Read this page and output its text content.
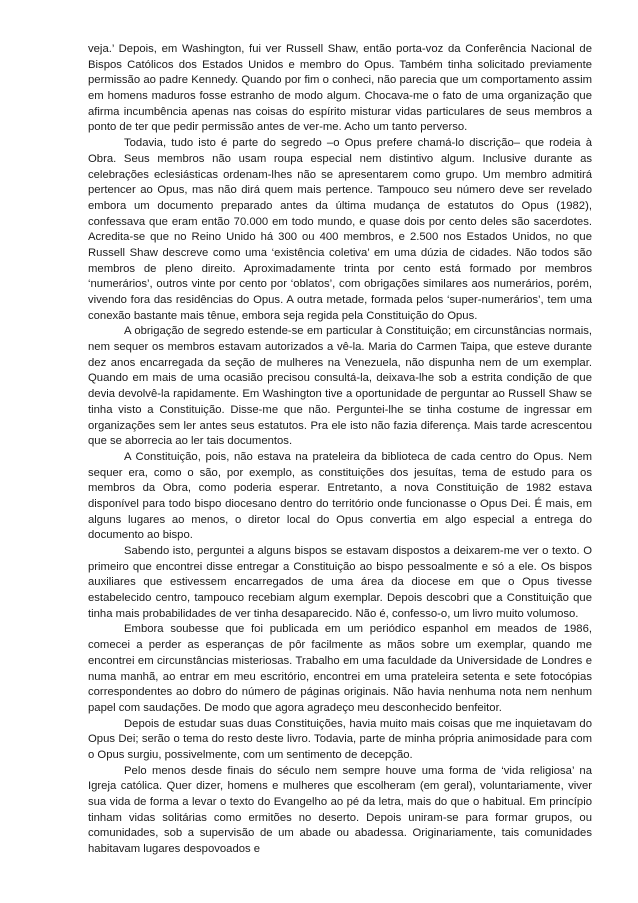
veja.’ Depois, em Washington, fui ver Russell Shaw, então porta-voz da Conferência Nacional de Bispos Católicos dos Estados Unidos e membro do Opus. Também tinha solicitado previamente permissão ao padre Kennedy. Quando por fim o conheci, não parecia que um comportamento assim em homens maduros fosse estranho de modo algum. Chocava-me o fato de uma organização que afirma incumbência apenas nas coisas do espírito misturar vidas particulares de seus membros a ponto de ter que pedir permissão antes de ver-me. Acho um tanto perverso.

Todavia, tudo isto é parte do segredo –o Opus prefere chamá-lo discrição– que rodeia à Obra. Seus membros não usam roupa especial nem distintivo algum. Inclusive durante as celebrações eclesiásticas ordenam-lhes não se apresentarem como grupo. Um membro admitirá pertencer ao Opus, mas não dirá quem mais pertence. Tampouco seu número deve ser revelado embora um documento preparado antes da última mudança de estatutos do Opus (1982), confessava que eram então 70.000 em todo mundo, e quase dois por cento deles são sacerdotes. Acredita-se que no Reino Unido há 300 ou 400 membros, e 2.500 nos Estados Unidos, no que Russell Shaw descreve como uma ‘existência coletiva’ em uma dúzia de cidades. Não todos são membros de pleno direito. Aproximadamente trinta por cento está formado por membros ‘numerários’, outros vinte por cento por ‘oblatos’, com obrigações similares aos numerários, porém, vivendo fora das residências do Opus. A outra metade, formada pelos ‘super-numerários’, tem uma conexão bastante mais tênue, embora seja regida pela Constituição do Opus.

A obrigação de segredo estende-se em particular à Constituição; em circunstâncias normais, nem sequer os membros estavam autorizados a vê-la. Maria do Carmen Taipa, que esteve durante dez anos encarregada da seção de mulheres na Venezuela, não dispunha nem de um exemplar. Quando em mais de uma ocasião precisou consultá-la, deixava-lhe sob a estrita condição de que devia devolvê-la rapidamente. Em Washington tive a oportunidade de perguntar ao Russell Shaw se tinha visto a Constituição. Disse-me que não. Perguntei-lhe se tinha costume de ingressar em organizações sem ler antes seus estatutos. Pra ele isto não fazia diferença. Mais tarde acrescentou que se aborrecia ao ler tais documentos.

A Constituição, pois, não estava na prateleira da biblioteca de cada centro do Opus. Nem sequer era, como o são, por exemplo, as constituições dos jesuítas, tema de estudo para os membros da Obra, como poderia esperar. Entretanto, a nova Constituição de 1982 estava disponível para todo bispo diocesano dentro do território onde funcionasse o Opus Dei. É mais, em alguns lugares ao menos, o diretor local do Opus convertia em algo especial a entrega do documento ao bispo.

Sabendo isto, perguntei a alguns bispos se estavam dispostos a deixarem-me ver o texto. O primeiro que encontrei disse entregar a Constituição ao bispo pessoalmente e só a ele. Os bispos auxiliares que estivessem encarregados de uma área da diocese em que o Opus tivesse estabelecido centro, tampouco recebiam algum exemplar. Depois descobri que a Constituição que tinha mais probabilidades de ver tinha desaparecido. Não é, confesso-o, um livro muito volumoso.

Embora soubesse que foi publicada em um periódico espanhol em meados de 1986, comecei a perder as esperanças de pôr facilmente as mãos sobre um exemplar, quando me encontrei em circunstâncias misteriosas. Trabalho em uma faculdade da Universidade de Londres e numa manhã, ao entrar em meu escritório, encontrei em uma prateleira setenta e sete fotocópias correspondentes ao dobro do número de páginas originais. Não havia nenhuma nota nem nenhum papel com saudações. De modo que agora agradeço meu desconhecido benfeitor.

Depois de estudar suas duas Constituições, havia muito mais coisas que me inquietavam do Opus Dei; serão o tema do resto deste livro. Todavia, parte de minha própria animosidade para com o Opus surgiu, possivelmente, com um sentimento de decepção.

Pelo menos desde finais do século nem sempre houve uma forma de ‘vida religiosa’ na Igreja católica. Quer dizer, homens e mulheres que escolheram (em geral), voluntariamente, viver sua vida de forma a levar o texto do Evangelho ao pé da letra, mais do que o habitual. Em princípio tinham vidas solitárias como ermitões no deserto. Depois uniram-se para formar grupos, ou comunidades, sob a supervisão de um abade ou abadessa. Originariamente, tais comunidades habitavam lugares despovoados e
